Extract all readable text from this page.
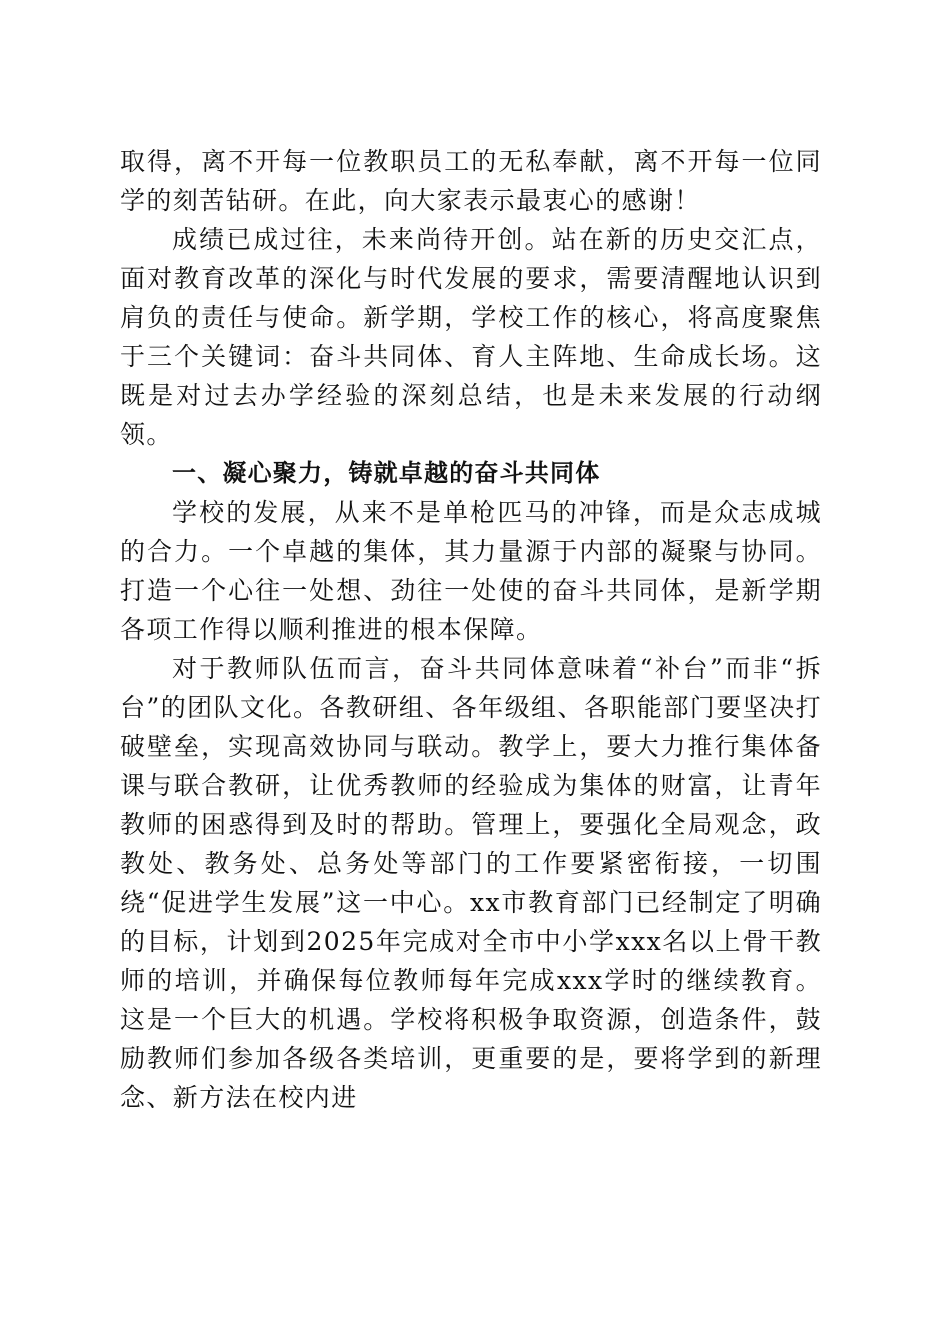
取得，离不开每一位教职员工的无私奉献，离不开每一位同学的刻苦钻研。在此，向大家表示最衷心的感谢！

成绩已成过往，未来尚待开创。站在新的历史交汇点，面对教育改革的深化与时代发展的要求，需要清醒地认识到肩负的责任与使命。新学期，学校工作的核心，将高度聚焦于三个关键词：奋斗共同体、育人主阵地、生命成长场。这既是对过去办学经验的深刻总结，也是未来发展的行动纲领。

一、凝心聚力，铸就卓越的奋斗共同体

学校的发展，从来不是单枪匹马的冲锋，而是众志成城的合力。一个卓越的集体，其力量源于内部的凝聚与协同。打造一个心往一处想、劲往一处使的奋斗共同体，是新学期各项工作得以顺利推进的根本保障。

对于教师队伍而言，奋斗共同体意味着“补台”而非“拆台”的团队文化。各教研组、各年级组、各职能部门要坚决打破壁垒，实现高效协同与联动。教学上，要大力推行集体备课与联合教研，让优秀教师的经验成为集体的财富，让青年教师的困惑得到及时的帮助。管理上，要强化全局观念，政教处、教务处、总务处等部门的工作要紧密衔接，一切围绕“促进学生发展”这一中心。xx市教育部门已经制定了明确的目标，计划到2025年完成对全市中小学xxx名以上骨干教师的培训，并确保每位教师每年完成xxx学时的继续教育。这是一个巨大的机遇。学校将积极争取资源，创造条件，鼓励教师们参加各级各类培训，更重要的是，要将学到的新理念、新方法在校内进
